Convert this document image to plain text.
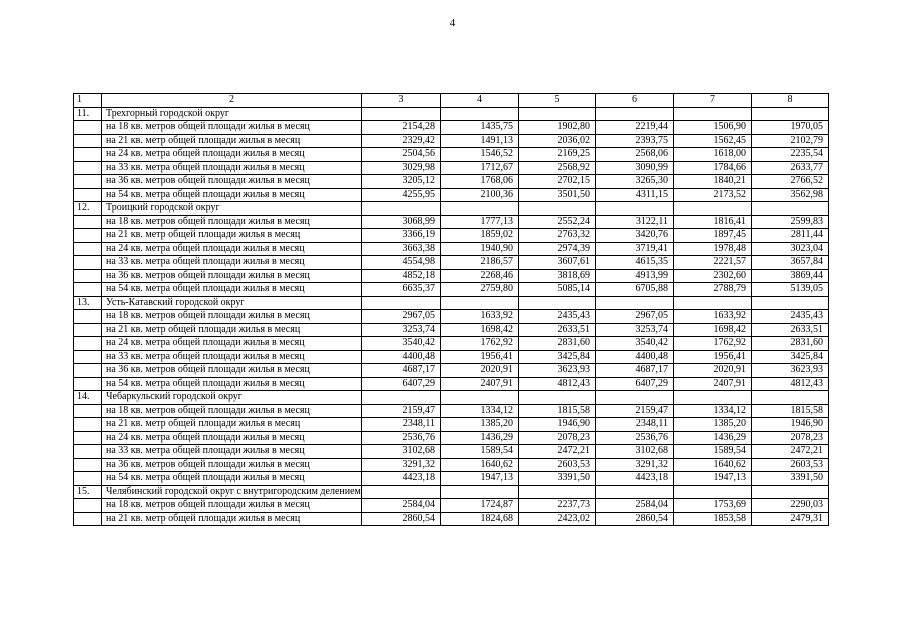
4
1	2	3	4	5	6	7	8
11.	Трехгорный городской округ						
	на 18 кв. метров общей площади жилья в месяц	2154,28	1435,75	1902,80	2219,44	1506,90	1970,05
	на 21 кв. метр общей площади жилья в месяц	2329,42	1491,13	2036,02	2393,75	1562,45	2102,79
	на 24 кв. метра общей площади жилья в месяц	2504,56	1546,52	2169,25	2568,06	1618,00	2235,54
	на 33 кв. метра общей площади жилья в месяц	3029,98	1712,67	2568,92	3090,99	1784,66	2633,77
	на 36 кв. метров общей площади жилья в месяц	3205,12	1768,06	2702,15	3265,30	1840,21	2766,52
	на 54 кв. метра общей площади жилья в месяц	4255,95	2100,36	3501,50	4311,15	2173,52	3562,98
12.	Троицкий городской округ						
	на 18 кв. метров общей площади жилья в месяц	3068,99	1777,13	2552,24	3122,11	1816,41	2599,83
	на 21 кв. метр общей площади жилья в месяц	3366,19	1859,02	2763,32	3420,76	1897,45	2811,44
	на 24 кв. метра общей площади жилья в месяц	3663,38	1940,90	2974,39	3719,41	1978,48	3023,04
	на 33 кв. метра общей площади жилья в месяц	4554,98	2186,57	3607,61	4615,35	2221,57	3657,84
	на 36 кв. метров общей площади жилья в месяц	4852,18	2268,46	3818,69	4913,99	2302,60	3869,44
	на 54 кв. метра общей площади жилья в месяц	6635,37	2759,80	5085,14	6705,88	2788,79	5139,05
13.	Усть-Катавский городской округ						
	на 18 кв. метров общей площади жилья в месяц	2967,05	1633,92	2435,43	2967,05	1633,92	2435,43
	на 21 кв. метр общей площади жилья в месяц	3253,74	1698,42	2633,51	3253,74	1698,42	2633,51
	на 24 кв. метра общей площади жилья в месяц	3540,42	1762,92	2831,60	3540,42	1762,92	2831,60
	на 33 кв. метра общей площади жилья в месяц	4400,48	1956,41	3425,84	4400,48	1956,41	3425,84
	на 36 кв. метров общей площади жилья в месяц	4687,17	2020,91	3623,93	4687,17	2020,91	3623,93
	на 54 кв. метра общей площади жилья в месяц	6407,29	2407,91	4812,43	6407,29	2407,91	4812,43
14.	Чебаркульский городской округ						
	на 18 кв. метров общей площади жилья в месяц	2159,47	1334,12	1815,58	2159,47	1334,12	1815,58
	на 21 кв. метр общей площади жилья в месяц	2348,11	1385,20	1946,90	2348,11	1385,20	1946,90
	на 24 кв. метра общей площади жилья в месяц	2536,76	1436,29	2078,23	2536,76	1436,29	2078,23
	на 33 кв. метра общей площади жилья в месяц	3102,68	1589,54	2472,21	3102,68	1589,54	2472,21
	на 36 кв. метров общей площади жилья в месяц	3291,32	1640,62	2603,53	3291,32	1640,62	2603,53
	на 54 кв. метра общей площади жилья в месяц	4423,18	1947,13	3391,50	4423,18	1947,13	3391,50
15.	Челябинский городской округ с внутригородским делением						
	на 18 кв. метров общей площади жилья в месяц	2584,04	1724,87	2237,73	2584,04	1753,69	2290,03
	на 21 кв. метр общей площади жилья в месяц	2860,54	1824,68	2423,02	2860,54	1853,58	2479,31
